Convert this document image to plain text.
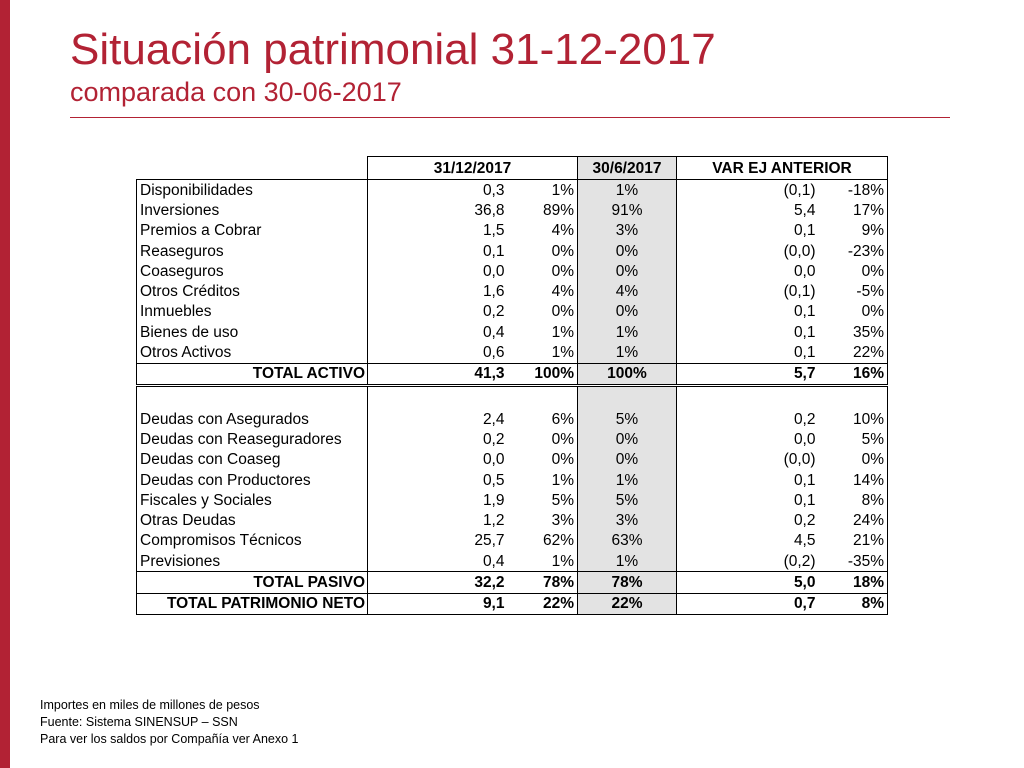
Situación patrimonial 31-12-2017
comparada con 30-06-2017
	31/12/2017		30/6/2017	VAR EJ ANTERIOR	
Disponibilidades	0,3	1%	1%	(0,1)	-18%
Inversiones	36,8	89%	91%	5,4	17%
Premios a Cobrar	1,5	4%	3%	0,1	9%
Reaseguros	0,1	0%	0%	(0,0)	-23%
Coaseguros	0,0	0%	0%	0,0	0%
Otros Créditos	1,6	4%	4%	(0,1)	-5%
Inmuebles	0,2	0%	0%	0,1	0%
Bienes de uso	0,4	1%	1%	0,1	35%
Otros Activos	0,6	1%	1%	0,1	22%
TOTAL ACTIVO	41,3	100%	100%	5,7	16%

Deudas con Asegurados	2,4	6%	5%	0,2	10%
Deudas con Reaseguradores	0,2	0%	0%	0,0	5%
Deudas con Coaseg	0,0	0%	0%	(0,0)	0%
Deudas con Productores	0,5	1%	1%	0,1	14%
Fiscales y Sociales	1,9	5%	5%	0,1	8%
Otras Deudas	1,2	3%	3%	0,2	24%
Compromisos Técnicos	25,7	62%	63%	4,5	21%
Previsiones	0,4	1%	1%	(0,2)	-35%
TOTAL PASIVO	32,2	78%	78%	5,0	18%
TOTAL PATRIMONIO NETO	9,1	22%	22%	0,7	8%
Importes en miles de millones de pesos
Fuente: Sistema SINENSUP – SSN
Para ver los saldos por Compañía ver Anexo 1
